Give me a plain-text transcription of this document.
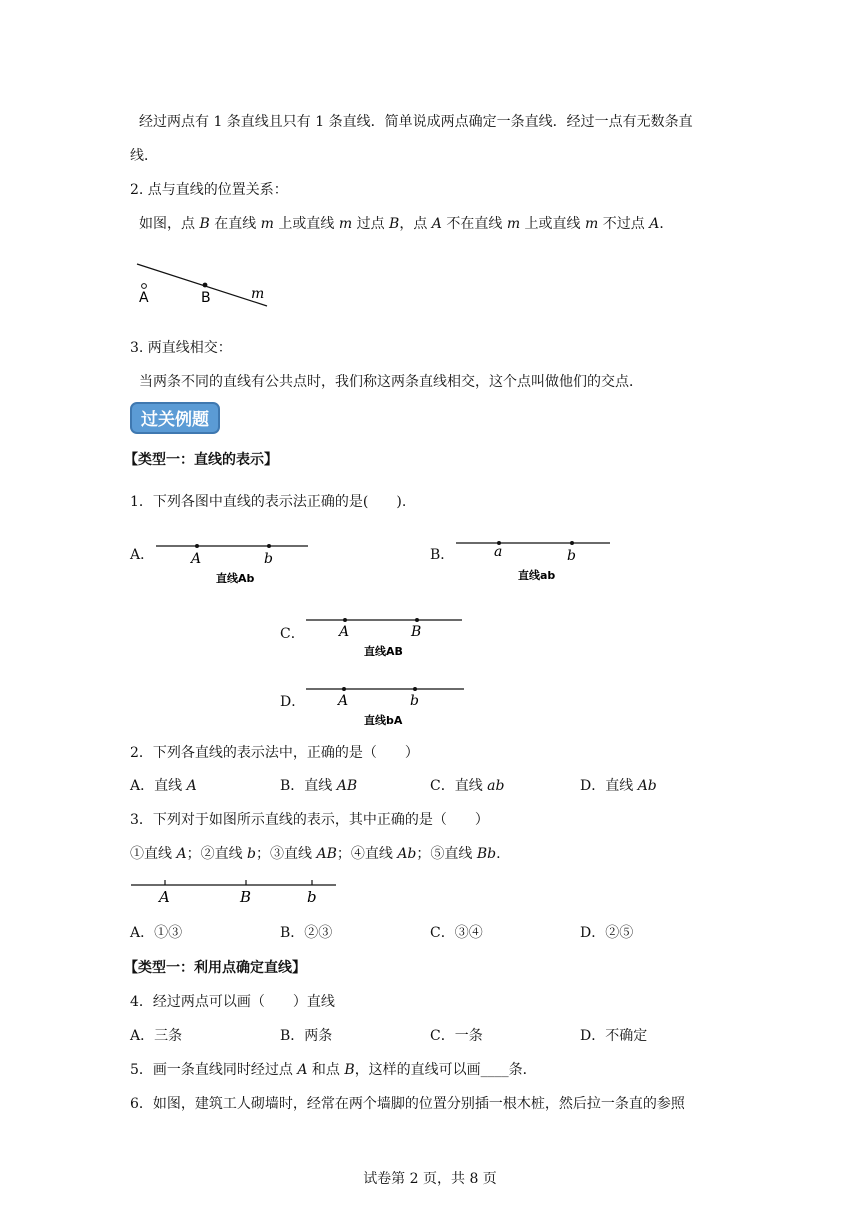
经过两点有 1 条直线且只有 1 条直线．简单说成两点确定一条直线．经过一点有无数条直
线．
2. 点与直线的位置关系：
如图，点 B 在直线 m 上或直线 m 过点 B，点 A 不在直线 m 上或直线 m 不过点 A．
A	B	m
3. 两直线相交：
当两条不同的直线有公共点时，我们称这两条直线相交，这个点叫做他们的交点．
过关例题
【类型一：直线的表示】
1．下列各图中直线的表示法正确的是(　　).
A．	A	b
直线Ab
B．	a	b
直线ab
C． A	B
直线AB
D． A	b
直线bA
2．下列各直线的表示法中，正确的是（　　）
A．直线 A	B．直线 AB	C．直线 ab	D．直线 Ab
3．下列对于如图所示直线的表示，其中正确的是（　　）
①直线 A；②直线 b；③直线 AB；④直线 Ab；⑤直线 Bb.
A	B	b
A．①③	B．②③	C．③④	D．②⑤
【类型一：利用点确定直线】
4．经过两点可以画（　　）直线
A．三条	B．两条	C．一条	D．不确定
5．画一条直线同时经过点 A 和点 B，这样的直线可以画____条．
6．如图，建筑工人砌墙时，经常在两个墙脚的位置分别插一根木桩，然后拉一条直的参照
试卷第 2 页，共 8 页
